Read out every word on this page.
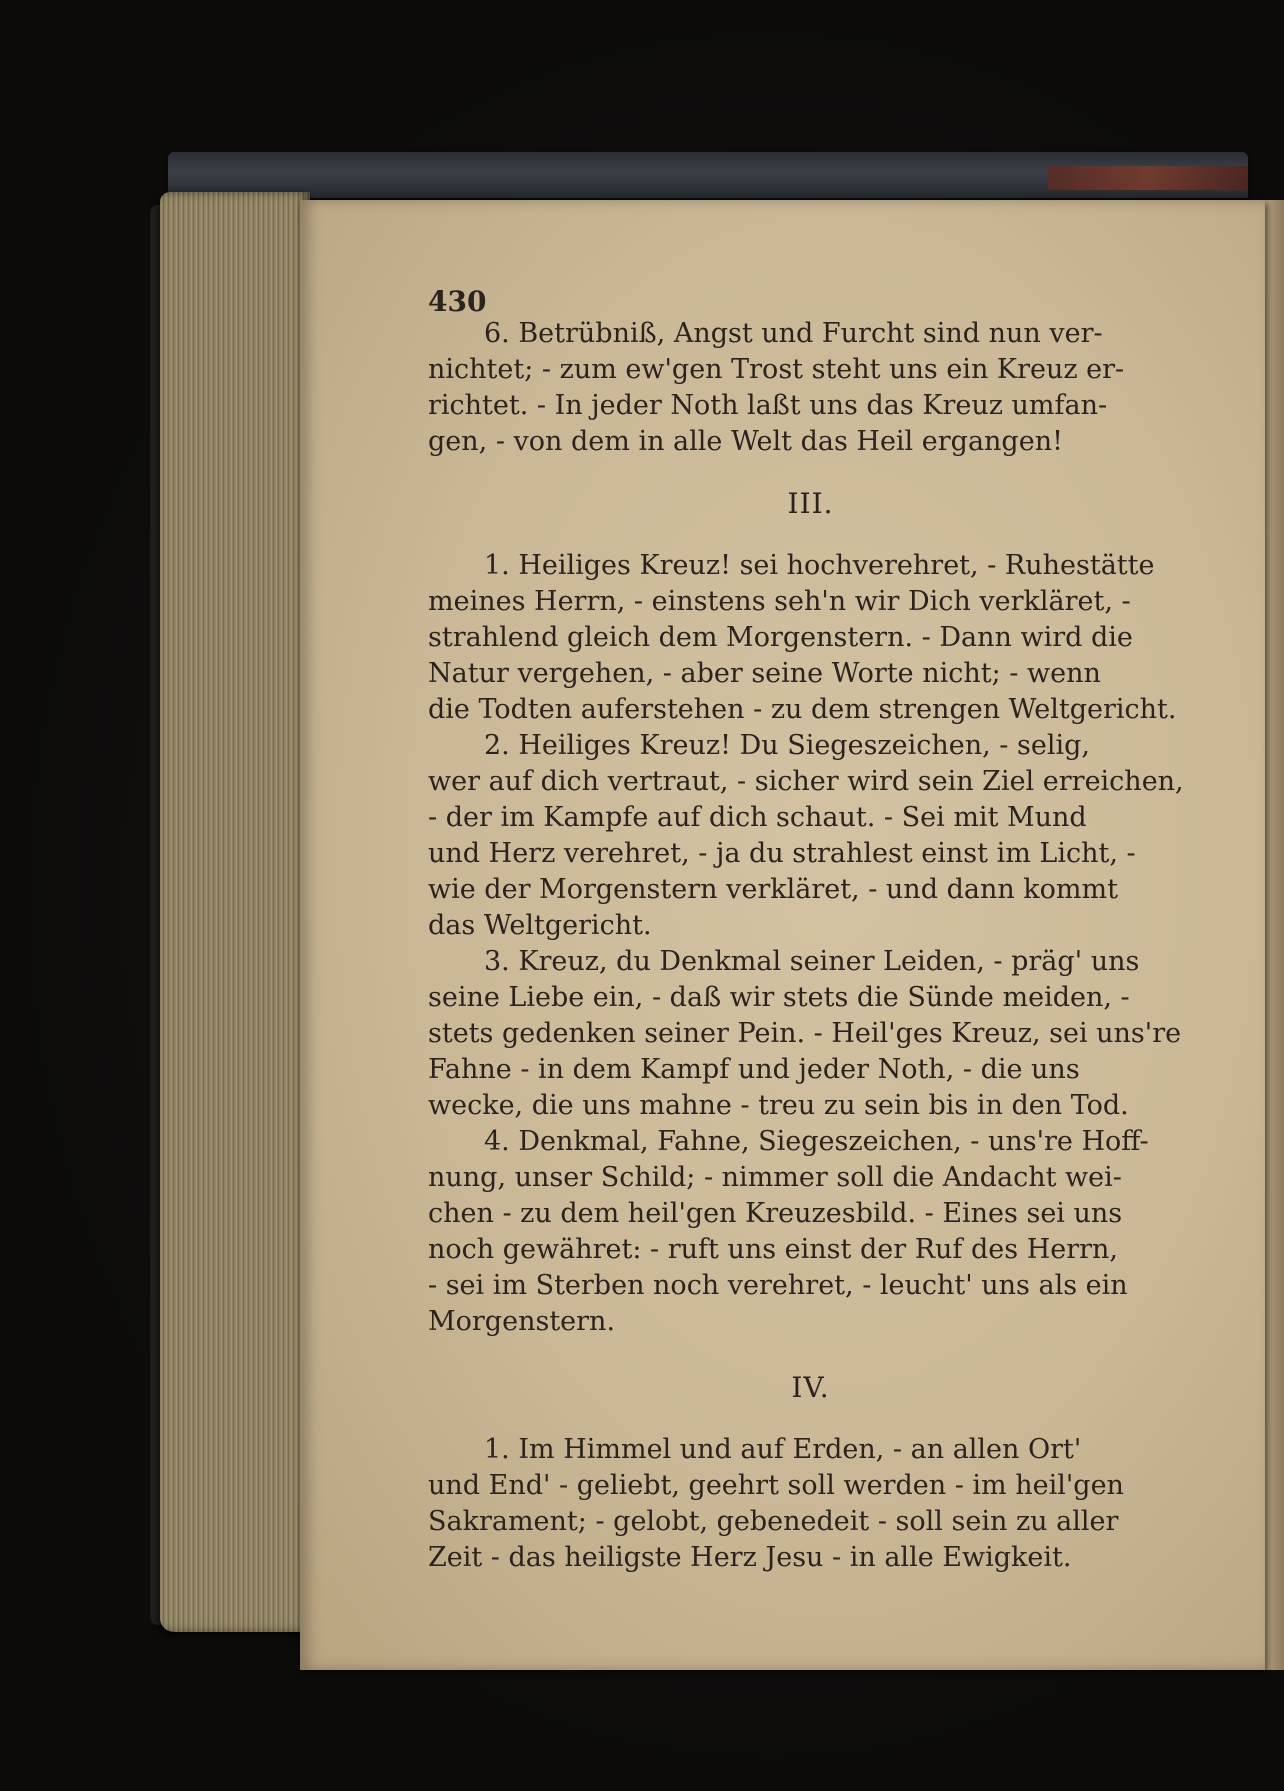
430

6. Betrübniß, Angst und Furcht sind nun ver-
nichtet; - zum ew'gen Trost steht uns ein Kreuz er-
richtet. - In jeder Noth laßt uns das Kreuz umfan-
gen, - von dem in alle Welt das Heil ergangen!

III.

1. Heiliges Kreuz! sei hochverehret, - Ruhestätte
meines Herrn, - einstens seh'n wir Dich verkläret, -
strahlend gleich dem Morgenstern. - Dann wird die
Natur vergehen, - aber seine Worte nicht; - wenn
die Todten auferstehen - zu dem strengen Weltgericht.

2. Heiliges Kreuz! Du Siegeszeichen, - selig,
wer auf dich vertraut, - sicher wird sein Ziel erreichen,
- der im Kampfe auf dich schaut. - Sei mit Mund
und Herz verehret, - ja du strahlest einst im Licht, -
wie der Morgenstern verkläret, - und dann kommt
das Weltgericht.

3. Kreuz, du Denkmal seiner Leiden, - präg' uns
seine Liebe ein, - daß wir stets die Sünde meiden, -
stets gedenken seiner Pein. - Heil'ges Kreuz, sei uns're
Fahne - in dem Kampf und jeder Noth, - die uns
wecke, die uns mahne - treu zu sein bis in den Tod.

4. Denkmal, Fahne, Siegeszeichen, - uns're Hoff-
nung, unser Schild; - nimmer soll die Andacht wei-
chen - zu dem heil'gen Kreuzesbild. - Eines sei uns
noch gewähret: - ruft uns einst der Ruf des Herrn,
- sei im Sterben noch verehret, - leucht' uns als ein
Morgenstern.

IV.

1. Im Himmel und auf Erden, - an allen Ort'
und End' - geliebt, geehrt soll werden - im heil'gen
Sakrament; - gelobt, gebenedeit - soll sein zu aller
Zeit - das heiligste Herz Jesu - in alle Ewigkeit.
